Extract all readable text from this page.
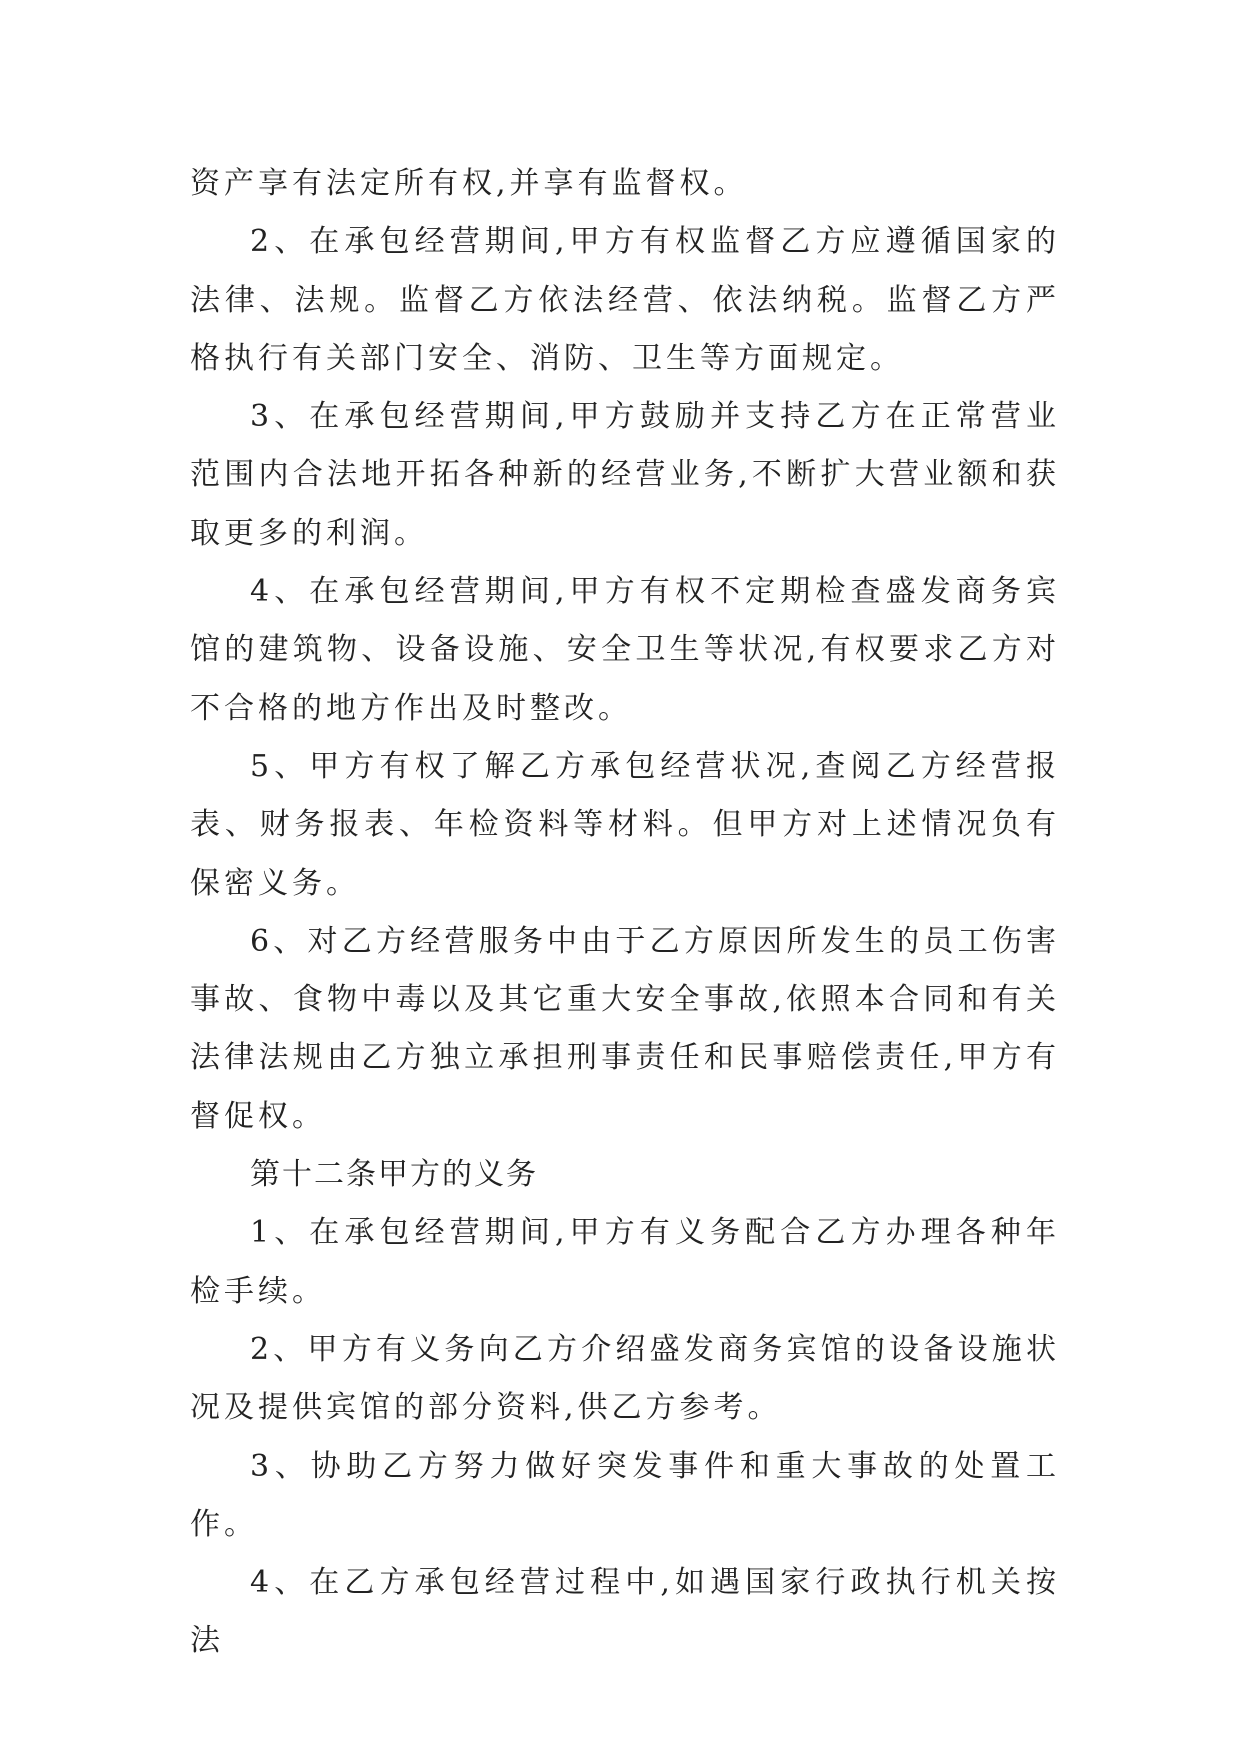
资产享有法定所有权,并享有监督权。

2、在承包经营期间,甲方有权监督乙方应遵循国家的法律、法规。监督乙方依法经营、依法纳税。监督乙方严格执行有关部门安全、消防、卫生等方面规定。

3、在承包经营期间,甲方鼓励并支持乙方在正常营业范围内合法地开拓各种新的经营业务,不断扩大营业额和获取更多的利润。

4、在承包经营期间,甲方有权不定期检查盛发商务宾馆的建筑物、设备设施、安全卫生等状况,有权要求乙方对不合格的地方作出及时整改。

5、甲方有权了解乙方承包经营状况,查阅乙方经营报表、财务报表、年检资料等材料。但甲方对上述情况负有保密义务。

6、对乙方经营服务中由于乙方原因所发生的员工伤害事故、食物中毒以及其它重大安全事故,依照本合同和有关法律法规由乙方独立承担刑事责任和民事赔偿责任,甲方有督促权。

第十二条甲方的义务

1、在承包经营期间,甲方有义务配合乙方办理各种年检手续。

2、甲方有义务向乙方介绍盛发商务宾馆的设备设施状况及提供宾馆的部分资料,供乙方参考。

3、协助乙方努力做好突发事件和重大事故的处置工作。

4、在乙方承包经营过程中,如遇国家行政执行机关按法
